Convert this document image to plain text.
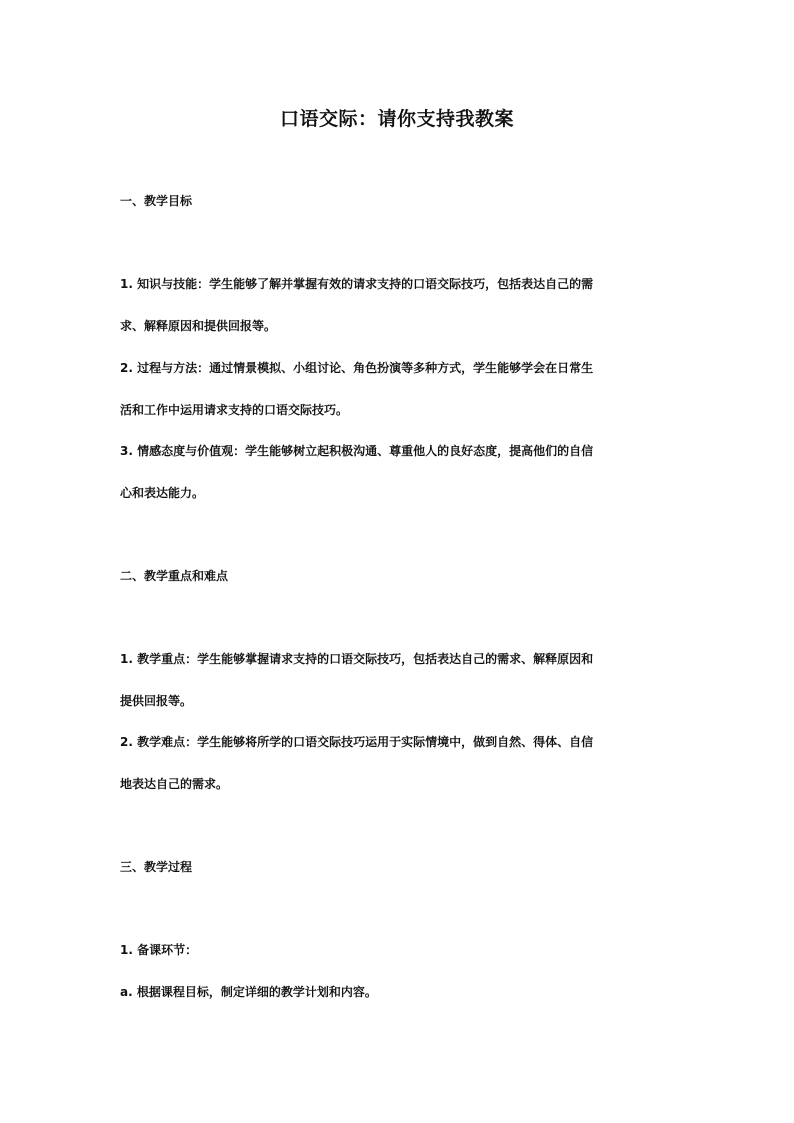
口语交际：请你支持我教案
一、教学目标
1. 知识与技能：学生能够了解并掌握有效的请求支持的口语交际技巧，包括表达自己的需
求、解释原因和提供回报等。
2. 过程与方法：通过情景模拟、小组讨论、角色扮演等多种方式，学生能够学会在日常生
活和工作中运用请求支持的口语交际技巧。
3. 情感态度与价值观：学生能够树立起积极沟通、尊重他人的良好态度，提高他们的自信
心和表达能力。
二、教学重点和难点
1. 教学重点：学生能够掌握请求支持的口语交际技巧，包括表达自己的需求、解释原因和
提供回报等。
2. 教学难点：学生能够将所学的口语交际技巧运用于实际情境中，做到自然、得体、自信
地表达自己的需求。
三、教学过程
1. 备课环节：
a. 根据课程目标，制定详细的教学计划和内容。
